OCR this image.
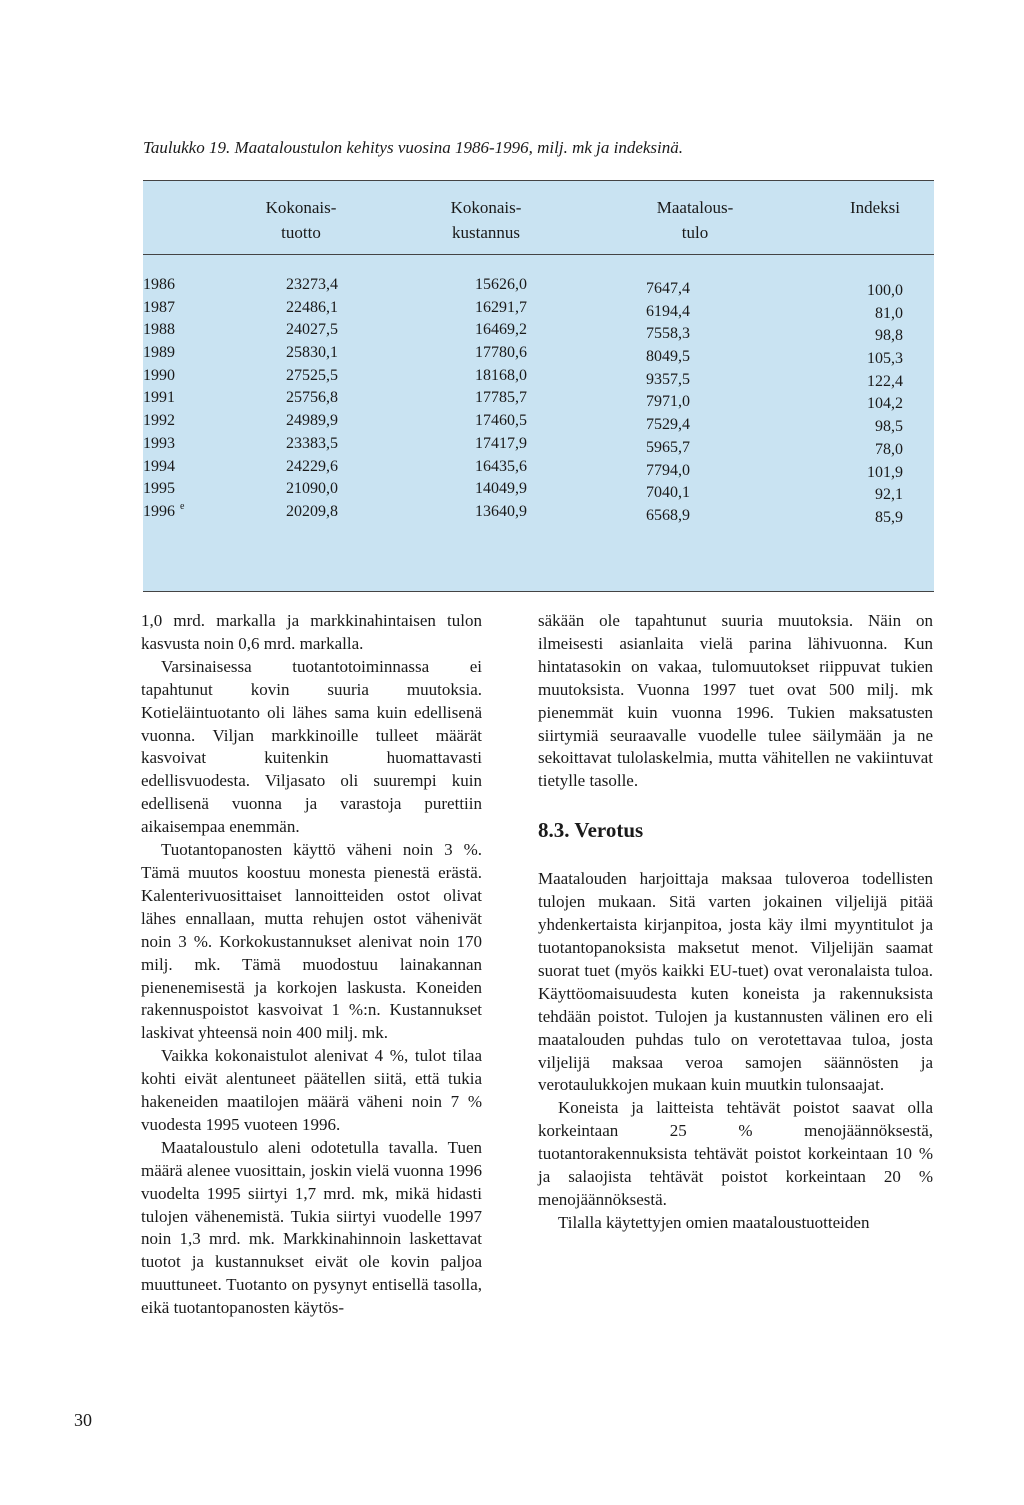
Taulukko 19. Maataloustulon kehitys vuosina 1986-1996, milj. mk ja indeksinä.
Kokonais-
tuotto
Kokonais-
kustannus
Maatalous-
tulo
Indeksi
1986	23273,4	15626,0	7647,4	100,0
1987	22486,1	16291,7	6194,4	81,0
1988	24027,5	16469,2	7558,3	98,8
1989	25830,1	17780,6	8049,5	105,3
1990	27525,5	18168,0	9357,5	122,4
1991	25756,8	17785,7	7971,0	104,2
1992	24989,9	17460,5	7529,4	98,5
1993	23383,5	17417,9	5965,7	78,0
1994	24229,6	16435,6	7794,0	101,9
1995	21090,0	14049,9	7040,1	92,1
1996 e	20209,8	13640,9	6568,9	85,9

1,0 mrd. markalla ja markkinahintaisen tulon kasvusta noin 0,6 mrd. markalla.

Varsinaisessa tuotantotoiminnassa ei tapahtunut kovin suuria muutoksia. Kotieläintuotanto oli lähes sama kuin edellisenä vuonna. Viljan markkinoille tulleet määrät kasvoivat kuitenkin huomattavasti edellisvuodesta. Viljasato oli suurempi kuin edellisenä vuonna ja varastoja purettiin aikaisempaa enemmän.

Tuotantopanosten käyttö väheni noin 3 %. Tämä muutos koostuu monesta pienestä erästä. Kalenterivuosittaiset lannoitteiden ostot olivat lähes ennallaan, mutta rehujen ostot vähenivät noin 3 %. Korkokustannukset alenivat noin 170 milj. mk. Tämä muodostuu lainakannan pienenemisestä ja korkojen laskusta. Koneiden rakennuspoistot kasvoivat 1 %:n. Kustannukset laskivat yhteensä noin 400 milj. mk.

Vaikka kokonaistulot alenivat 4 %, tulot tilaa kohti eivät alentuneet päätellen siitä, että tukia hakeneiden maatilojen määrä väheni noin 7 % vuodesta 1995 vuoteen 1996.

Maataloustulo aleni odotetulla tavalla. Tuen määrä alenee vuosittain, joskin vielä vuonna 1996 vuodelta 1995 siirtyi 1,7 mrd. mk, mikä hidasti tulojen vähenemistä. Tukia siirtyi vuodelle 1997 noin 1,3 mrd. mk. Markkinahinnoin laskettavat tuotot ja kustannukset eivät ole kovin paljoa muuttuneet. Tuotanto on pysynyt entisellä tasolla, eikä tuotantopanosten käytös-

säkään ole tapahtunut suuria muutoksia. Näin on ilmeisesti asianlaita vielä parina lähivuonna. Kun hintatasokin on vakaa, tulomuutokset riippuvat tukien muutoksista. Vuonna 1997 tuet ovat 500 milj. mk pienemmät kuin vuonna 1996. Tukien maksatusten siirtymiä seuraavalle vuodelle tulee säilymään ja ne sekoittavat tulolaskelmia, mutta vähitellen ne vakiintuvat tietylle tasolle.

8.3. Verotus

Maatalouden harjoittaja maksaa tuloveroa todellisten tulojen mukaan. Sitä varten jokainen viljelijä pitää yhdenkertaista kirjanpitoa, josta käy ilmi myyntitulot ja tuotantopanoksista maksetut menot. Viljelijän saamat suorat tuet (myös kaikki EU-tuet) ovat veronalaista tuloa. Käyttöomaisuudesta kuten koneista ja rakennuksista tehdään poistot. Tulojen ja kustannusten välinen ero eli maatalouden puhdas tulo on verotettavaa tuloa, josta viljelijä maksaa veroa samojen säännösten ja verotaulukkojen mukaan kuin muutkin tulonsaajat.

Koneista ja laitteista tehtävät poistot saavat olla korkeintaan 25 % menojäännöksestä, tuotantorakennuksista tehtävät poistot korkeintaan 10 % ja salaojista tehtävät poistot korkeintaan 20 % menojäännöksestä.

Tilalla käytettyjen omien maataloustuotteiden

30
